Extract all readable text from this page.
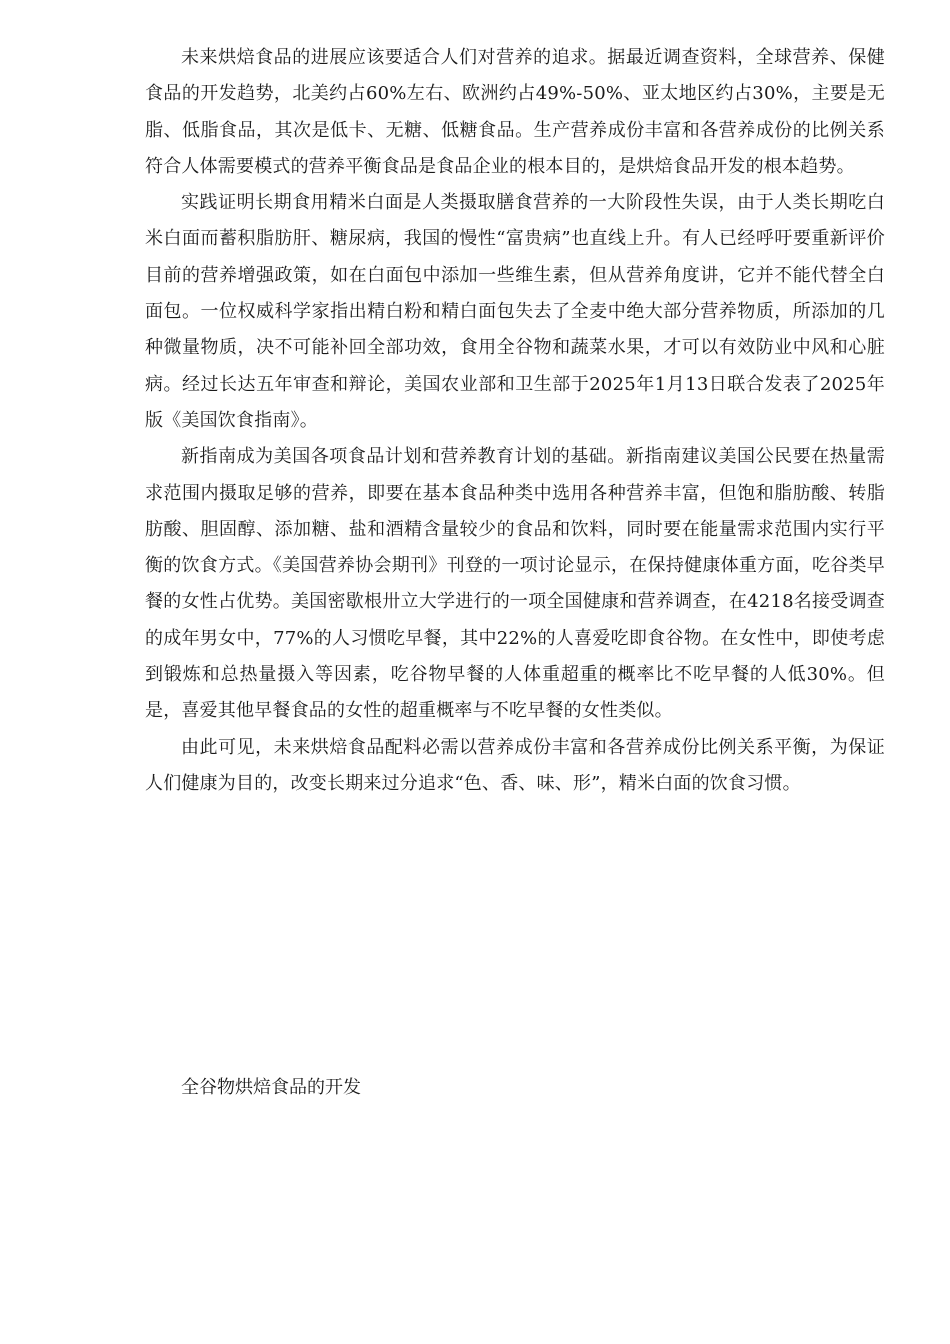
未来烘焙食品的进展应该要适合人们对营养的追求。据最近调查资料，全球营养、保健食品的开发趋势，北美约占60%左右、欧洲约占49%-50%、亚太地区约占30%，主要是无脂、低脂食品，其次是低卡、无糖、低糖食品。生产营养成份丰富和各营养成份的比例关系符合人体需要模式的营养平衡食品是食品企业的根本目的，是烘焙食品开发的根本趋势。

实践证明长期食用精米白面是人类摄取膳食营养的一大阶段性失误，由于人类长期吃白米白面而蓄积脂肪肝、糖尿病，我国的慢性“富贵病”也直线上升。有人已经呼吁要重新评价目前的营养增强政策，如在白面包中添加一些维生素，但从营养角度讲，它并不能代替全白面包。一位权威科学家指出精白粉和精白面包失去了全麦中绝大部分营养物质，所添加的几种微量物质，决不可能补回全部功效，食用全谷物和蔬菜水果，才可以有效防业中风和心脏病。经过长达五年审查和辩论，美国农业部和卫生部于2025年1月13日联合发表了2025年版《美国饮食指南》。

新指南成为美国各项食品计划和营养教育计划的基础。新指南建议美国公民要在热量需求范围内摄取足够的营养，即要在基本食品种类中选用各种营养丰富，但饱和脂肪酸、转脂肪酸、胆固醇、添加糖、盐和酒精含量较少的食品和饮料，同时要在能量需求范围内实行平衡的饮食方式。《美国营养协会期刊》刊登的一项讨论显示，在保持健康体重方面，吃谷类早餐的女性占优势。美国密歇根卅立大学进行的一项全国健康和营养调查，在4218名接受调查的成年男女中，77%的人习惯吃早餐，其中22%的人喜爱吃即食谷物。在女性中，即使考虑到锻炼和总热量摄入等因素，吃谷物早餐的人体重超重的概率比不吃早餐的人低30%。但是，喜爱其他早餐食品的女性的超重概率与不吃早餐的女性类似。

由此可见，未来烘焙食品配料必需以营养成份丰富和各营养成份比例关系平衡，为保证人们健康为目的，改变长期来过分追求“色、香、味、形”，精米白面的饮食习惯。

全谷物烘焙食品的开发
